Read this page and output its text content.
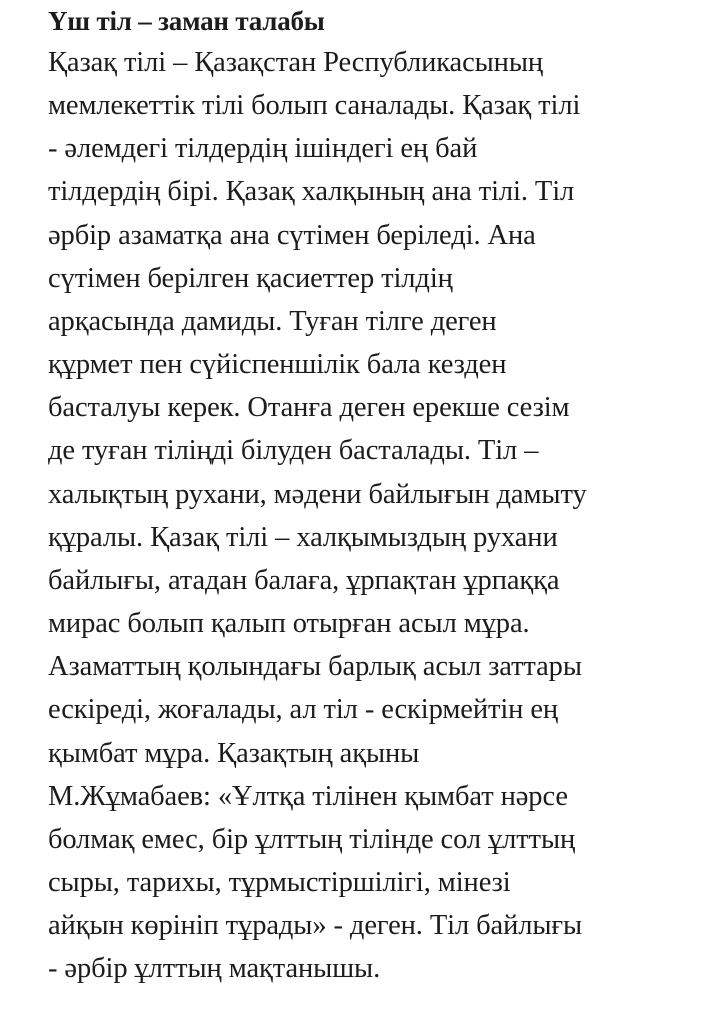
Үш тіл – заман талабы

Қазақ тілі – Қазақстан Республикасының
мемлекеттік тілі болып саналады. Қазақ тілі
- әлемдегі тілдердің ішіндегі ең бай
тілдердің бірі. Қазақ халқының ана тілі. Тіл
әрбір азаматқа ана сүтімен беріледі. Ана
сүтімен берілген қасиеттер тілдің
арқасында дамиды. Туған тілге деген
құрмет пен сүйіспеншілік бала кезден
басталуы керек. Отанға деген ерекше сезім
де туған тіліңді білуден басталады. Тіл –
халықтың рухани, мәдени байлығын дамыту
құралы. Қазақ тілі – халқымыздың рухани
байлығы, атадан балаға, ұрпақтан ұрпаққа
мирас болып қалып отырған асыл мұра.
Азаматтың қолындағы барлық асыл заттары
ескіреді, жоғалады, ал тіл - ескірмейтін ең
қымбат мұра. Қазақтың ақыны
М.Жұмабаев: «Ұлтқа тілінен қымбат нәрсе
болмақ емес, бір ұлттың тілінде сол ұлттың
сыры, тарихы, тұрмыстіршілігі, мінезі
айқын көрініп тұрады» - деген. Тіл байлығы
- әрбір ұлттың мақтанышы.
